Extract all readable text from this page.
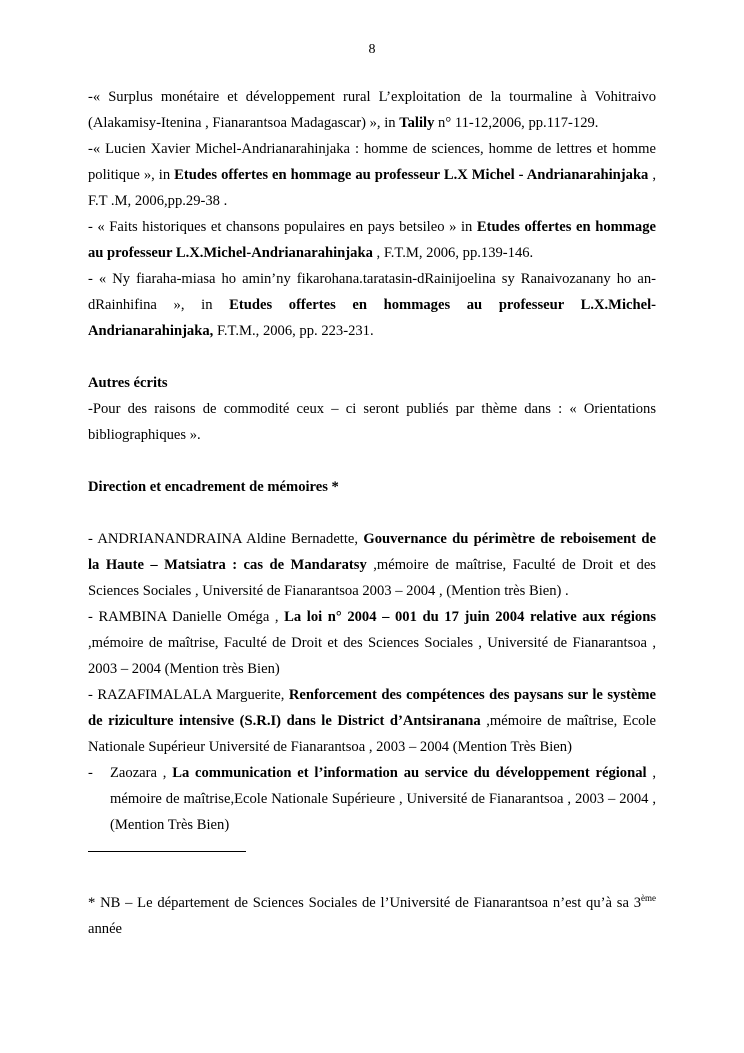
8

-« Surplus monétaire et développement rural L’exploitation de la tourmaline à Vohitraivo (Alakamisy-Itenina , Fianarantsoa Madagascar) », in Talily n° 11-12,2006, pp.117-129.

-« Lucien Xavier Michel-Andrianarahinjaka : homme de sciences, homme de lettres et homme politique », in Etudes offertes en hommage au professeur L.X Michel - Andrianarahinjaka , F.T .M, 2006,pp.29-38 .

- « Faits historiques et chansons populaires en pays betsileo » in Etudes offertes en hommage au professeur L.X.Michel-Andrianarahinjaka , F.T.M, 2006, pp.139-146.

- « Ny fiaraha-miasa ho amin’ny fikarohana.taratasin-dRainijoelina sy Ranaivozanany ho an-dRainhifina », in Etudes offertes en hommages au professeur L.X.Michel-Andrianarahinjaka, F.T.M., 2006, pp. 223-231.

Autres écrits

-Pour des raisons de commodité ceux – ci seront publiés par thème dans : « Orientations bibliographiques ».

Direction et encadrement de mémoires *

- ANDRIANANDRAINA Aldine Bernadette, Gouvernance du périmètre de reboisement de la Haute – Matsiatra : cas de Mandaratsy ,mémoire de maîtrise, Faculté de Droit et des Sciences Sociales , Université de Fianarantsoa 2003 – 2004 , (Mention très Bien) .

- RAMBINA Danielle Oméga , La loi n° 2004 – 001 du 17 juin 2004 relative aux régions ,mémoire de maîtrise, Faculté de Droit et des Sciences Sociales , Université de Fianarantsoa , 2003 – 2004 (Mention très Bien)

- RAZAFIMALALA Marguerite, Renforcement des compétences des paysans sur le système de riziculture intensive (S.R.I) dans le District d’Antsiranana ,mémoire de maîtrise, Ecole Nationale Supérieur Université de Fianarantsoa , 2003 – 2004 (Mention Très Bien)

-	Zaozara , La communication et l’information au service du développement régional , mémoire de maîtrise,Ecole Nationale Supérieure , Université de Fianarantsoa , 2003 – 2004 , (Mention Très Bien)

* NB – Le département de Sciences Sociales de l’Université de Fianarantsoa n’est qu’à sa 3ème année
